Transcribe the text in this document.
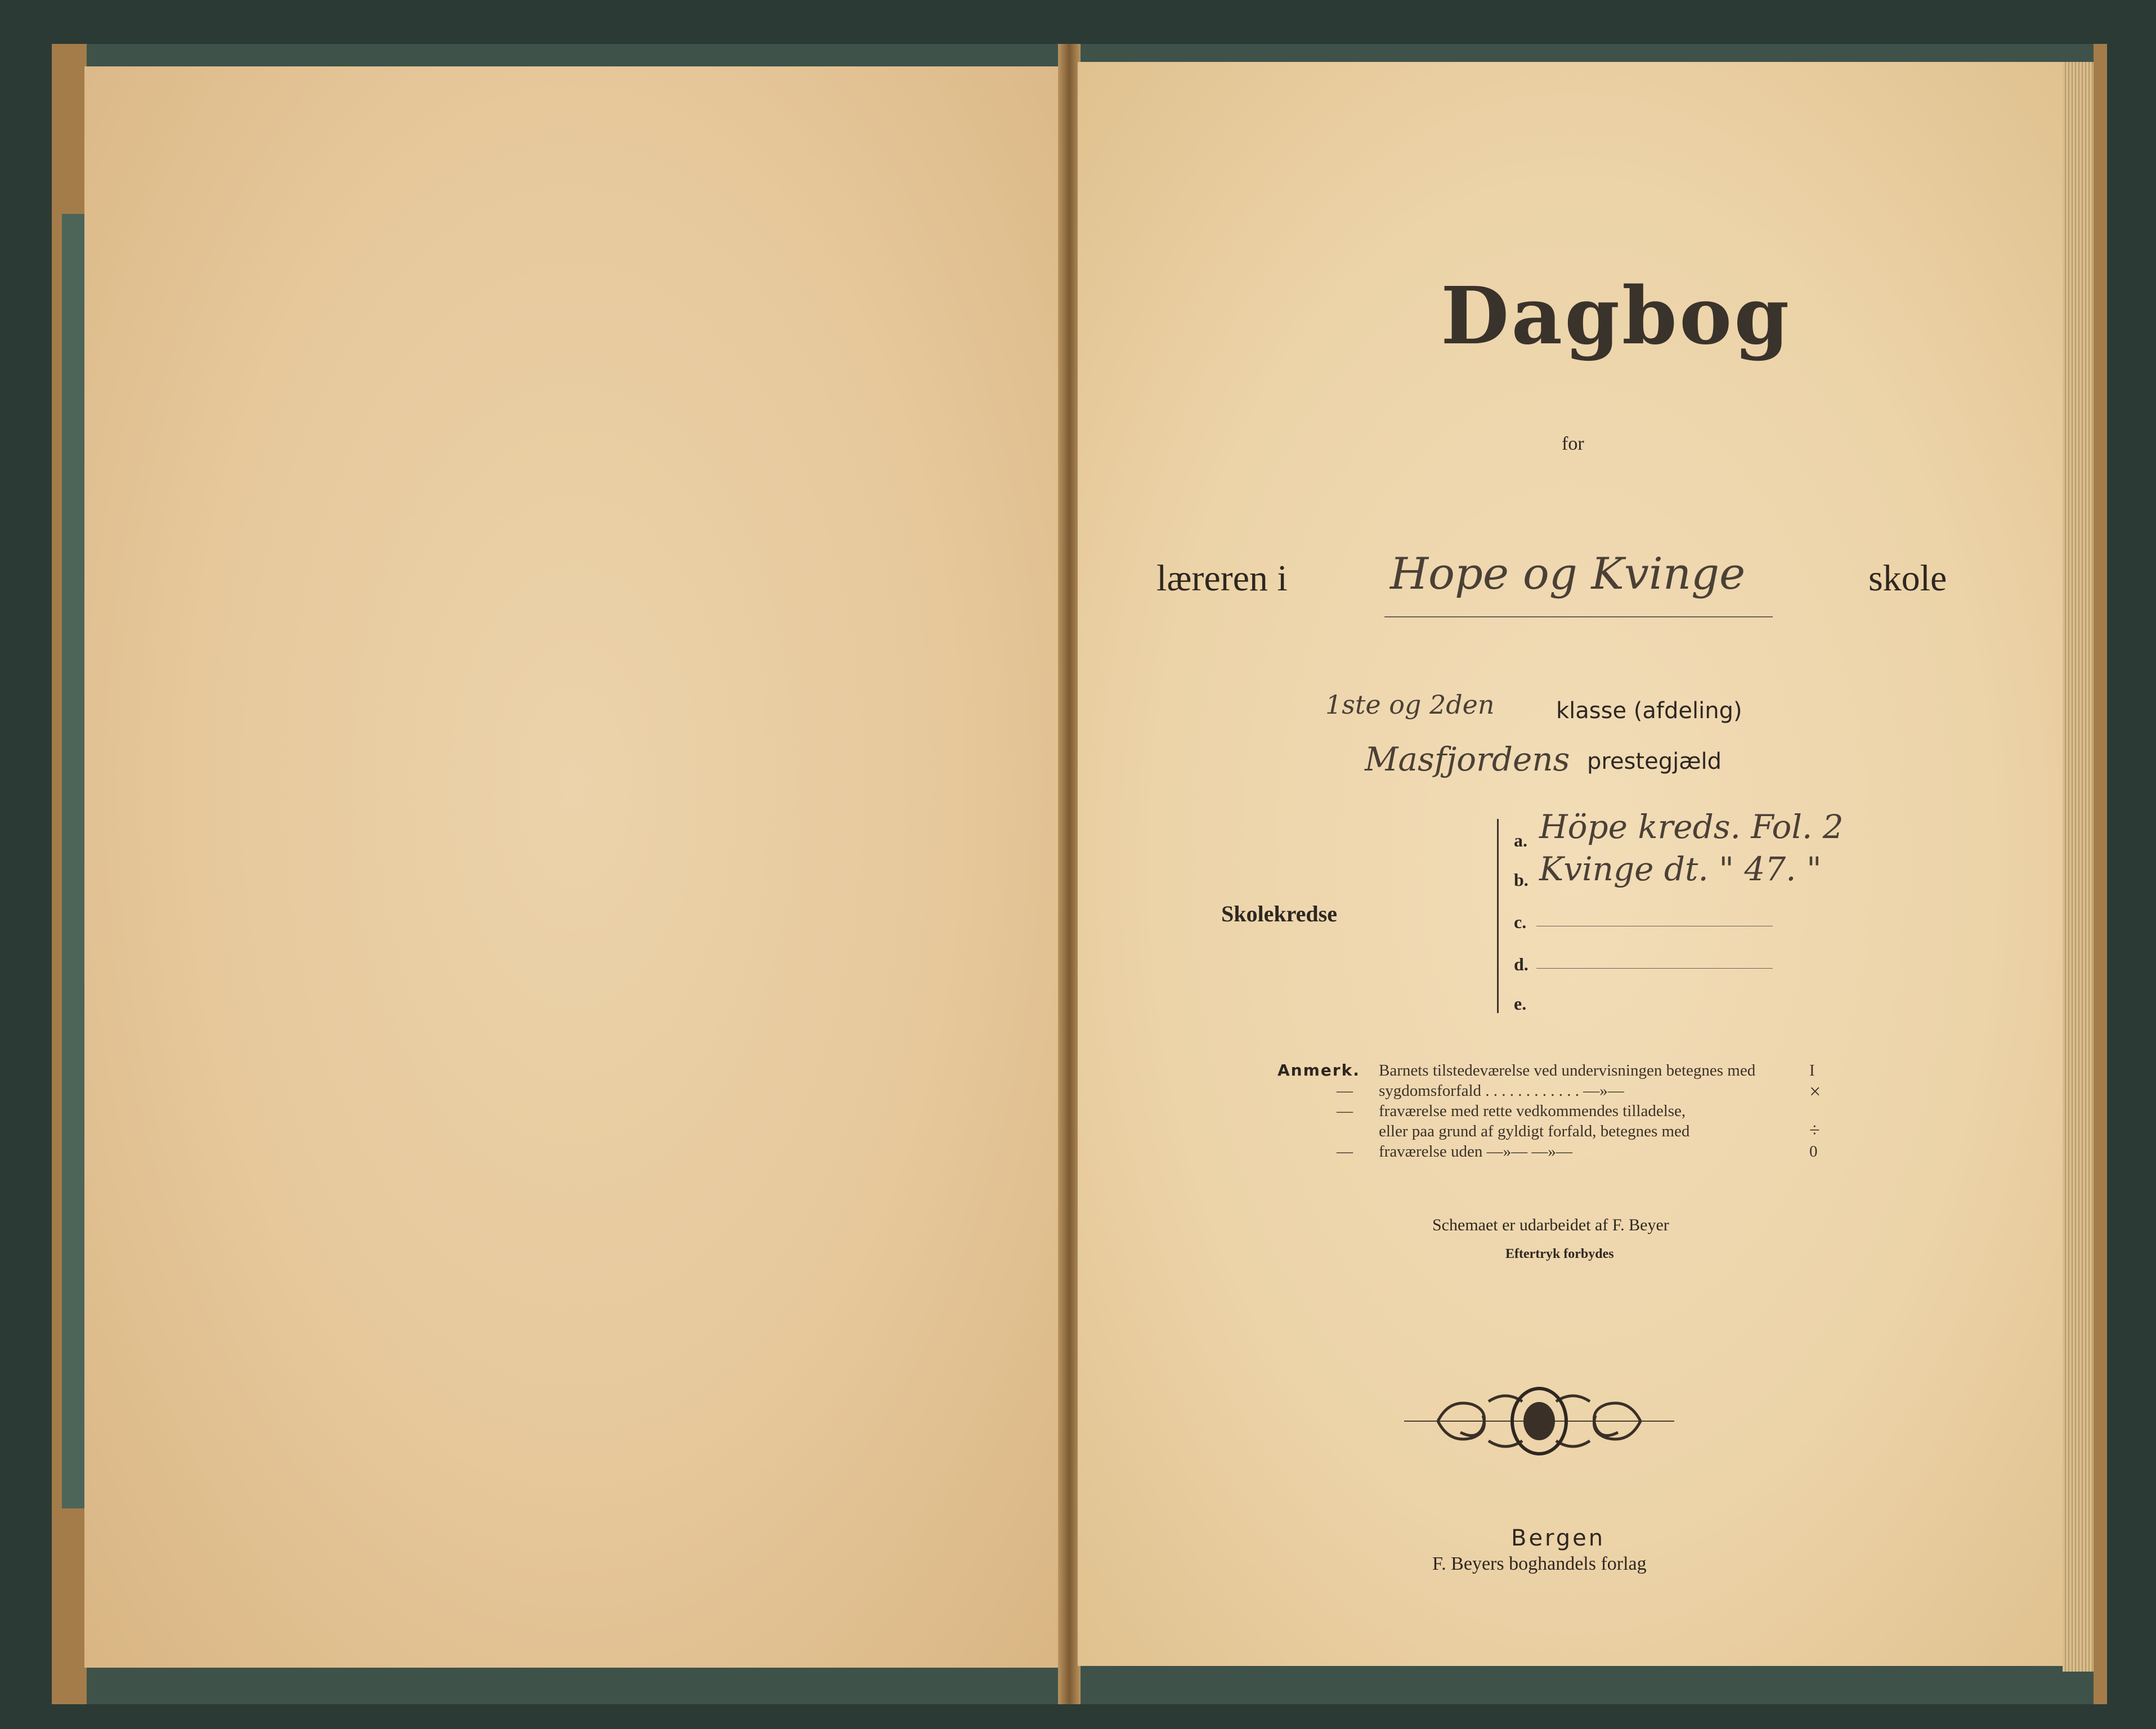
Dagbog
for
læreren i Hope og Kvinge	skole
1ste og 2den	klasse (afdeling)
Masfjordens prestegjæld
Skolekredse
a. Höpe kreds. Fol. 2
b. Kvinge dt. " 47. "
c.
d.
e.
Anmerk. Barnets tilstedeværelse ved undervisningen betegnes med	I
— sygdomsforfald . . . . . . . . . . . . —»—	×
— fraværelse med rette vedkommendes tilladelse,
eller paa grund af gyldigt forfald, betegnes med	÷
— fraværelse uden —»— —»—	0
Schemaet er udarbeidet af F. Beyer
Eftertryk forbydes
Bergen
F. Beyers boghandels forlag
